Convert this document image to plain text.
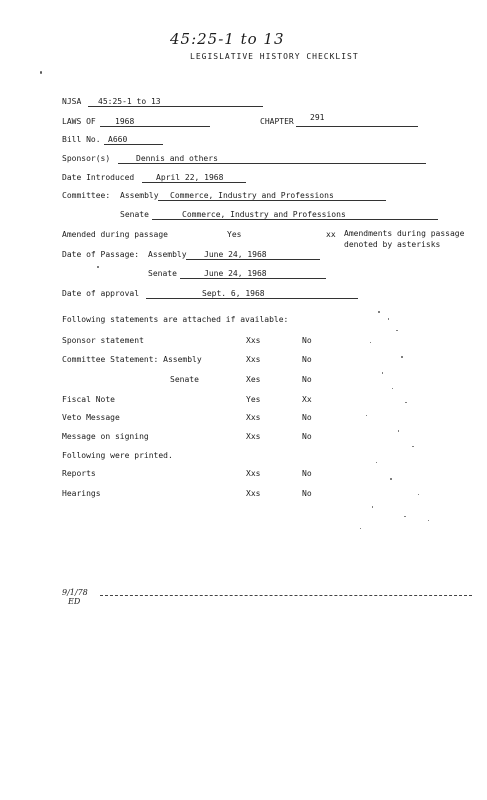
45:25-1 to 13
LEGISLATIVE HISTORY CHECKLIST
NJSA	45:25-1 to 13
LAWS OF	1968	CHAPTER	291
Bill No. A660
Sponsor(s)	Dennis and others
Date Introduced	April 22, 1968
Committee: Assembly	Commerce, Industry and Professions
Senate	Commerce, Industry and Professions
Amended during passage	Yes	xx Amendments during passage
denoted by asterisks
Date of Passage: Assembly	June 24, 1968
Senate	June 24, 1968
Date of approval	Sept. 6, 1968
Following statements are attached if available:
Sponsor statement	Xxs	No
Committee Statement: Assembly	Xxs	No
Senate	Xes	No
Fiscal Note	Yes	Xx
Veto Message	Xxs	No
Message on signing	Xxs	No
Following were printed.
Reports	Xxs	No
Hearings	Xxs	No
9/1/78
ED
